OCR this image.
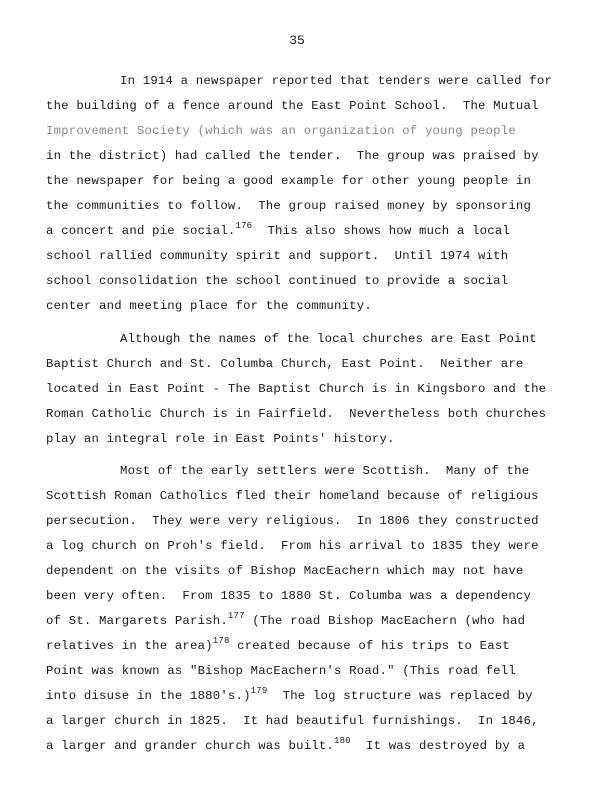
35
In 1914 a newspaper reported that tenders were called for
the building of a fence around the East Point School.  The Mutual
Improvement Society (which was an organization of young people
in the district) had called the tender.  The group was praised by
the newspaper for being a good example for other young people in
the communities to follow.  The group raised money by sponsoring
a concert and pie social.$^{176}$  This also shows how much a local
school rallied community spirit and support.  Until 1974 with
school consolidation the school continued to provide a social
center and meeting place for the community.
Although the names of the local churches are East Point
Baptist Church and St. Columba Church, East Point.  Neither are
located in East Point - The Baptist Church is in Kingsboro and the
Roman Catholic Church is in Fairfield.  Nevertheless both churches
play an integral role in East Points' history.
Most of the early settlers were Scottish.  Many of the
Scottish Roman Catholics fled their homeland because of religious
persecution.  They were very religious.  In 1806 they constructed
a log church on Proh's field.  From his arrival to 1835 they were
dependent on the visits of Bishop MacEachern which may not have
been very often.  From 1835 to 1880 St. Columba was a dependency
of St. Margarets Parish.$^{177}$ (The road Bishop MacEachern (who had
relatives in the area)$^{178}$ created because of his trips to East
Point was known as "Bishop MacEachern's Road." (This road fell
into disuse in the 1880's.)$^{179}$  The log structure was replaced by
a larger church in 1825.  It had beautiful furnishings.  In 1846,
a larger and grander church was built.$^{180}$  It was destroyed by a
